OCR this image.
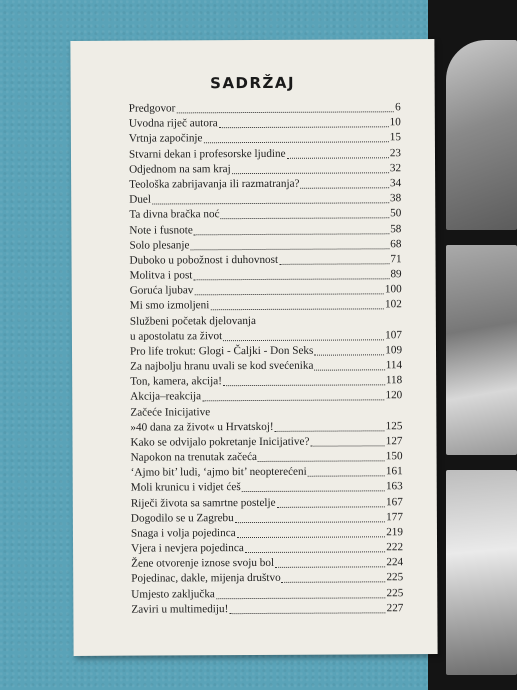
SADRŽAJ
Predgovor	6
Uvodna riječ autora	10
Vrtnja započinje	15
Stvarni dekan i profesorske ljudine	23
Odjednom na sam kraj	32
Teološka zabrijavanja ili razmatranja?	34
Duel	38
Ta divna bračka noć	50
Note i fusnote	58
Solo plesanje	68
Duboko u pobožnost i duhovnost	71
Molitva i post	89
Goruća ljubav	100
Mi smo izmoljeni	102
Službeni početak djelovanja
u apostolatu za život	107
Pro life trokut: Glogi - Čaljki - Don Seks	109
Za najbolju hranu uvali se kod svećenika	114
Ton, kamera, akcija!	118
Akcija–reakcija	120
Začeće Inicijative
»40 dana za život« u Hrvatskoj!	125
Kako se odvijalo pokretanje Inicijative?	127
Napokon na trenutak začeća	150
‘Ajmo bit’ ludi, ‘ajmo bit’ neopterećeni	161
Moli krunicu i vidjet ćeš	163
Riječi života sa samrtne postelje	167
Dogodilo se u Zagrebu	177
Snaga i volja pojedinca	219
Vjera i nevjera pojedinca	222
Žene otvorenje iznose svoju bol	224
Pojedinac, dakle, mijenja društvo	225
Umjesto zaključka	225
Zaviri u multimediju!	227
